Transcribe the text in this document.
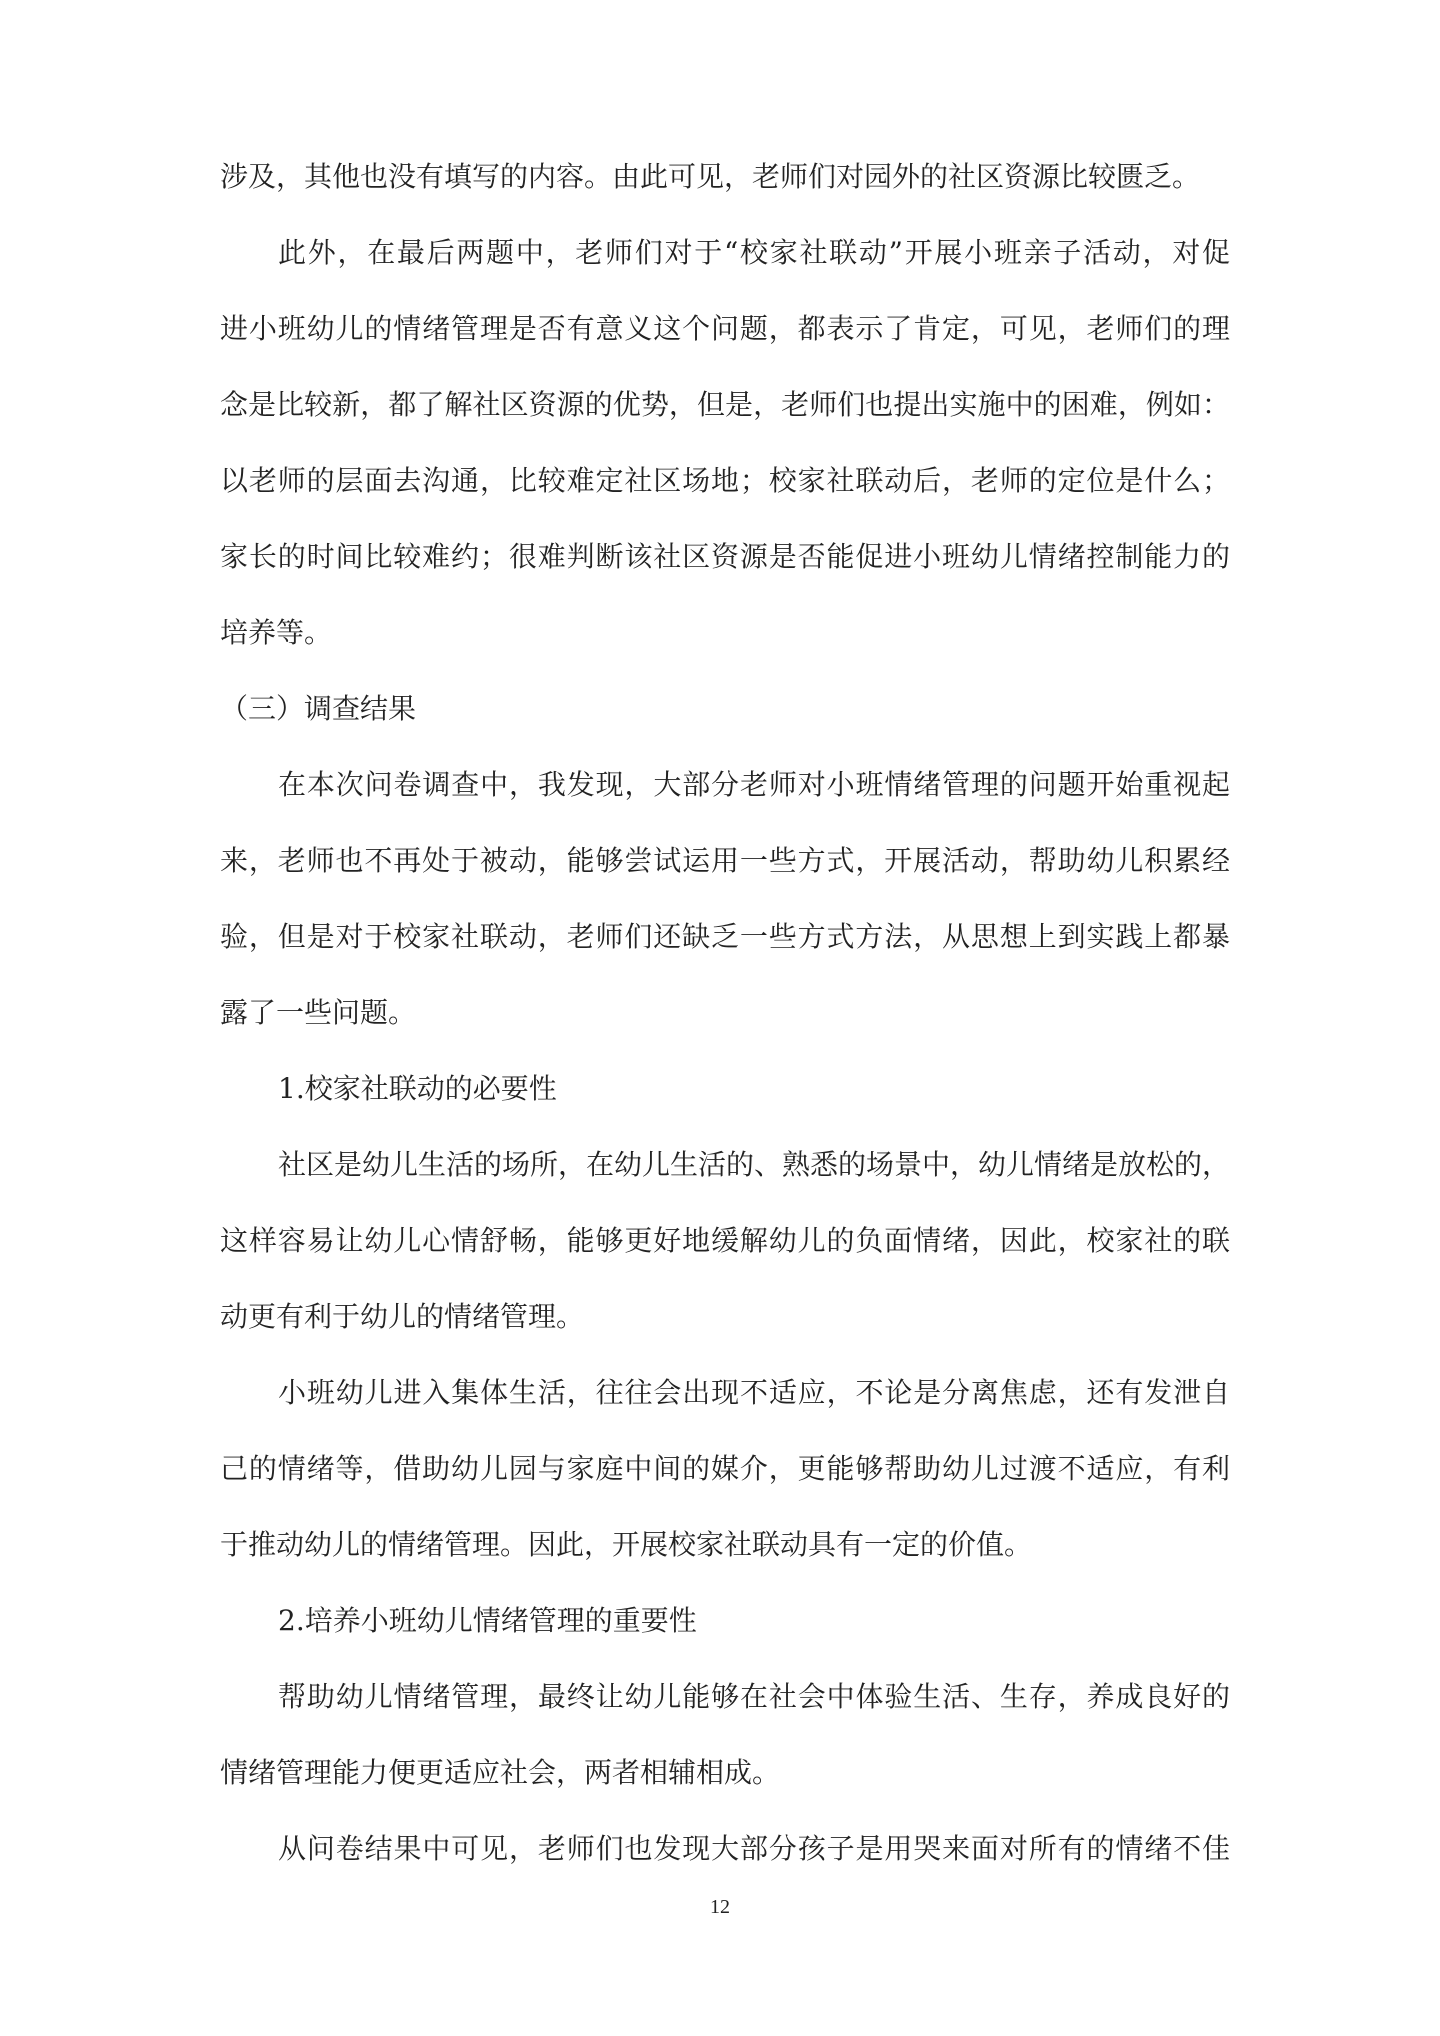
涉及，其他也没有填写的内容。由此可见，老师们对园外的社区资源比较匮乏。
此外，在最后两题中，老师们对于“校家社联动”开展小班亲子活动，对促
进小班幼儿的情绪管理是否有意义这个问题，都表示了肯定，可见，老师们的理
念是比较新，都了解社区资源的优势，但是，老师们也提出实施中的困难，例如：
以老师的层面去沟通，比较难定社区场地；校家社联动后，老师的定位是什么；
家长的时间比较难约；很难判断该社区资源是否能促进小班幼儿情绪控制能力的
培养等。
（三）调查结果
在本次问卷调查中，我发现，大部分老师对小班情绪管理的问题开始重视起
来，老师也不再处于被动，能够尝试运用一些方式，开展活动，帮助幼儿积累经
验，但是对于校家社联动，老师们还缺乏一些方式方法，从思想上到实践上都暴
露了一些问题。
1.校家社联动的必要性
社区是幼儿生活的场所，在幼儿生活的、熟悉的场景中，幼儿情绪是放松的，
这样容易让幼儿心情舒畅，能够更好地缓解幼儿的负面情绪，因此，校家社的联
动更有利于幼儿的情绪管理。
小班幼儿进入集体生活，往往会出现不适应，不论是分离焦虑，还有发泄自
己的情绪等，借助幼儿园与家庭中间的媒介，更能够帮助幼儿过渡不适应，有利
于推动幼儿的情绪管理。因此，开展校家社联动具有一定的价值。
2.培养小班幼儿情绪管理的重要性
帮助幼儿情绪管理，最终让幼儿能够在社会中体验生活、生存，养成良好的
情绪管理能力便更适应社会，两者相辅相成。
从问卷结果中可见，老师们也发现大部分孩子是用哭来面对所有的情绪不佳
12
